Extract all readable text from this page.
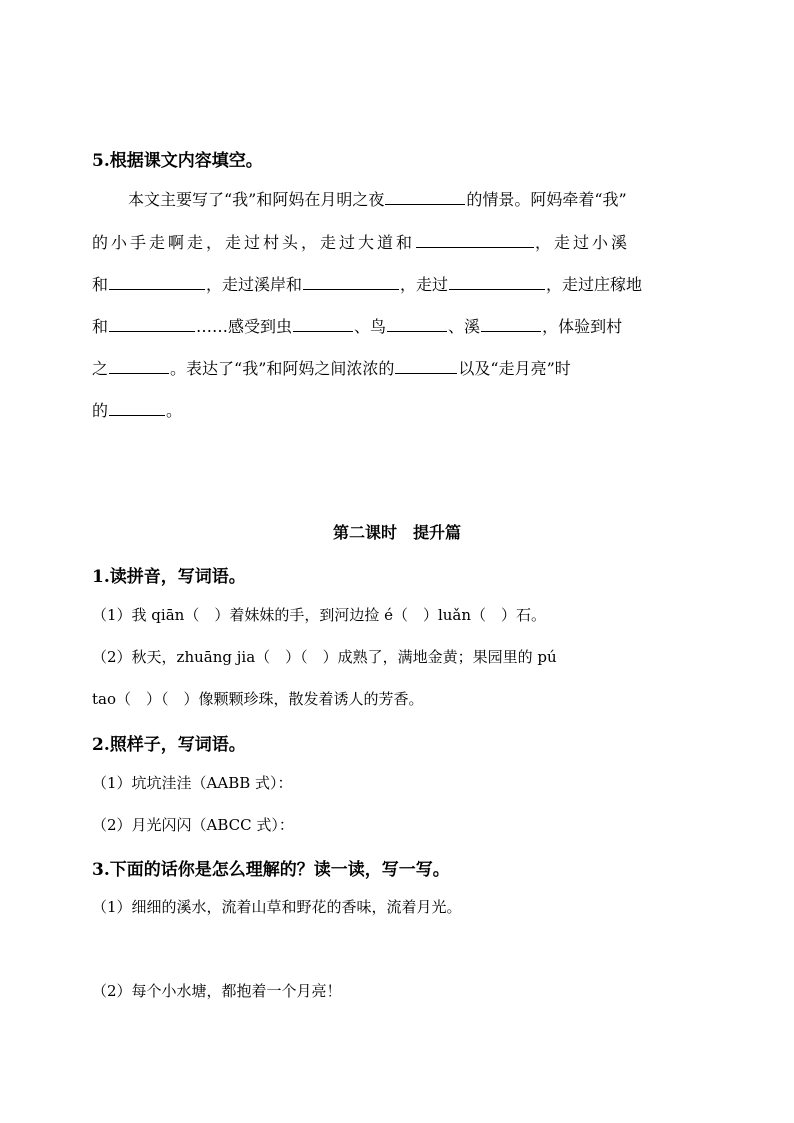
5.根据课文内容填空。
本文主要写了“我”和阿妈在月明之夜	的情景。阿妈牵着“我”
的小手走啊走，走过村头，走过大道和	，走过小溪
和	，走过溪岸和	，走过	，走过庄稼地
和	……感受到虫	、鸟	、溪	，体验到村
之	。表达了“我”和阿妈之间浓浓的	以及“走月亮”时
的	。
第二课时　提升篇
1.读拼音，写词语。
（1）我 qiān（　）着妹妹的手，到河边捡 é（　）luǎn（　）石。
（2）秋天，zhuāng jia（　）（　）成熟了，满地金黄；果园里的 pú
tao（　）（　）像颗颗珍珠，散发着诱人的芳香。
2.照样子，写词语。
（1）坑坑洼洼（AABB 式）：
（2）月光闪闪（ABCC 式）：
3.下面的话你是怎么理解的？读一读，写一写。
（1）细细的溪水，流着山草和野花的香味，流着月光。
（2）每个小水塘，都抱着一个月亮！
